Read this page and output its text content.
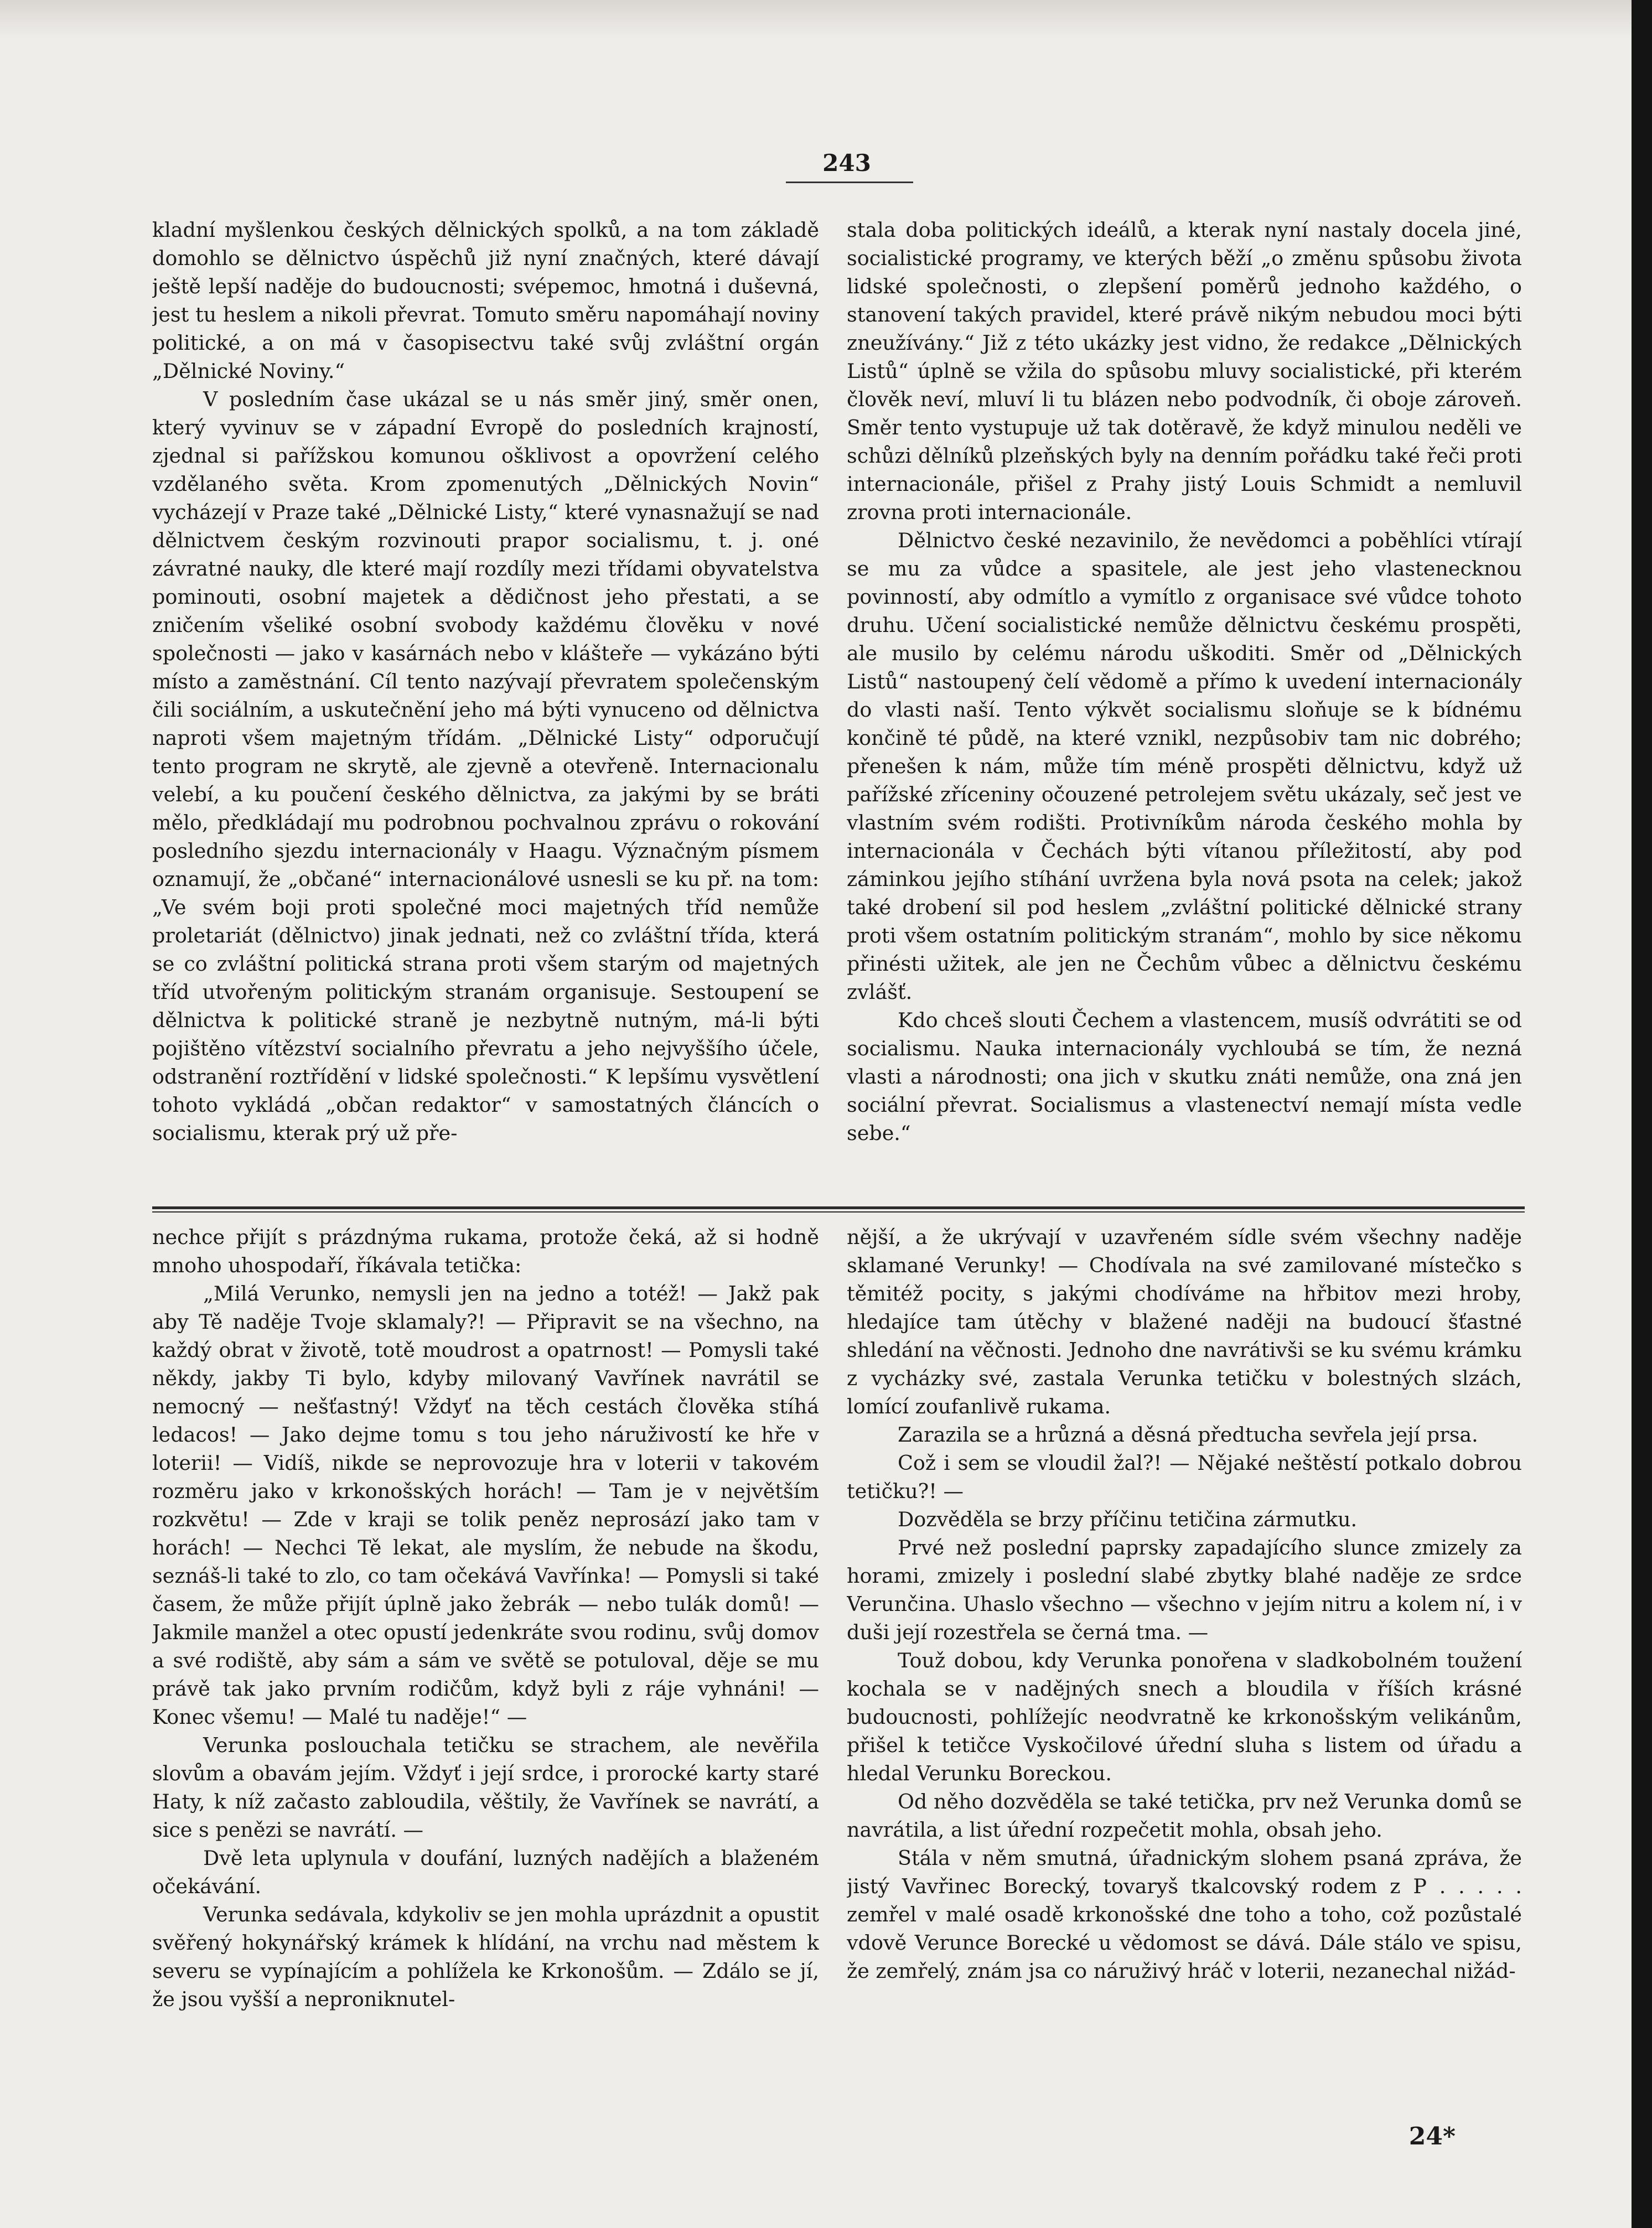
243

kladní myšlenkou českých dělnických spolků, a na tom základě domohlo se dělnictvo úspěchů již nyní značných, které dávají ještě lepší naděje do budoucnosti; svépemoc, hmotná i duševná, jest tu heslem a nikoli převrat. Tomuto směru napomáhají noviny politické, a on má v časopisectvu také svůj zvláštní orgán „Dělnické Noviny.“

V posledním čase ukázal se u nás směr jiný, směr onen, který vyvinuv se v západní Evropě do posledních krajností, zjednal si pařížskou komunou ošklivost a opovržení celého vzdělaného světa. Krom zpomenutých „Dělnických Novin“ vycházejí v Praze také „Dělnické Listy,“ které vynasnažují se nad dělnictvem českým rozvinouti prapor socialismu, t. j. oné závratné nauky, dle které mají rozdíly mezi třídami obyvatelstva pominouti, osobní majetek a dědičnost jeho přestati, a se zničením všeliké osobní svobody každému člověku v nové společnosti — jako v kasárnách nebo v klášteře — vykázáno býti místo a zaměstnání. Cíl tento nazývají převratem společenským čili sociálním, a uskutečnění jeho má býti vynuceno od dělnictva naproti všem majetným třídám. „Dělnické Listy“ odporučují tento program ne skrytě, ale zjevně a otevřeně. Internacionalu velebí, a ku poučení českého dělnictva, za jakými by se bráti mělo, předkládají mu podrobnou pochvalnou zprávu o rokování posledního sjezdu internacionály v Haagu. Význačným písmem oznamují, že „občané“ internacionálové usnesli se ku př. na tom: „Ve svém boji proti společné moci majetných tříd nemůže proletariát (dělnictvo) jinak jednati, než co zvláštní třída, která se co zvláštní politická strana proti všem starým od majetných tříd utvořeným politickým stranám organisuje. Sestoupení se dělnictva k politické straně je nezbytně nutným, má-li býti pojištěno vítězství socialního převratu a jeho nejvyššího účele, odstranění roztřídění v lidské společnosti.“ K lepšímu vysvětlení tohoto vykládá „občan redaktor“ v samostatných článcích o socialismu, kterak prý už pře-

stala doba politických ideálů, a kterak nyní nastaly docela jiné, socialistické programy, ve kterých běží „o změnu spůsobu života lidské společnosti, o zlepšení poměrů jednoho každého, o stanovení takých pravidel, které právě nikým nebudou moci býti zneužívány.“ Již z této ukázky jest vidno, že redakce „Dělnických Listů“ úplně se vžila do spůsobu mluvy socialistické, při kterém člověk neví, mluví li tu blázen nebo podvodník, či oboje zároveň. Směr tento vystupuje už tak dotěravě, že když minulou neděli ve schůzi dělníků plzeňských byly na denním pořádku také řeči proti internacionále, přišel z Prahy jistý Louis Schmidt a nemluvil zrovna proti internacionále.

Dělnictvo české nezavinilo, že nevědomci a poběhlíci vtírají se mu za vůdce a spasitele, ale jest jeho vlastenecknou povinností, aby odmítlo a vymítlo z organisace své vůdce tohoto druhu. Učení socialistické nemůže dělnictvu českému prospěti, ale musilo by celému národu uškoditi. Směr od „Dělnických Listů“ nastoupený čelí vědomě a přímo k uvedení internacionály do vlasti naší. Tento výkvět socialismu sloňuje se k bídnému končině té půdě, na které vznikl, nezpůsobiv tam nic dobrého; přenešen k nám, může tím méně prospěti dělnictvu, když už pařížské zříceniny očouzené petrolejem světu ukázaly, seč jest ve vlastním svém rodišti. Protivníkům národa českého mohla by internacionála v Čechách býti vítanou příležitostí, aby pod záminkou jejího stíhání uvržena byla nová psota na celek; jakož také drobení sil pod heslem „zvláštní politické dělnické strany proti všem ostatním politickým stranám“, mohlo by sice někomu přinésti užitek, ale jen ne Čechům vůbec a dělnictvu českému zvlášť.

Kdo chceš slouti Čechem a vlastencem, musíš odvrátiti se od socialismu. Nauka internacionály vychloubá se tím, že nezná vlasti a národnosti; ona jich v skutku znáti nemůže, ona zná jen sociální převrat. Socialismus a vlastenectví nemají místa vedle sebe.“

nechce přijít s prázdnýma rukama, protože čeká, až si hodně mnoho uhospodaří, říkávala tetička:

„Milá Verunko, nemysli jen na jedno a totéž! — Jakž pak aby Tě naděje Tvoje sklamaly?! — Připravit se na všechno, na každý obrat v životě, totě moudrost a opatrnost! — Pomysli také někdy, jakby Ti bylo, kdyby milovaný Vavřínek navrátil se nemocný — nešťastný! Vždyť na těch cestách člověka stíhá ledacos! — Jako dejme tomu s tou jeho náruživostí ke hře v loterii! — Vidíš, nikde se neprovozuje hra v loterii v takovém rozměru jako v krkonošských horách! — Tam je v největším rozkvětu! — Zde v kraji se tolik peněz neprosází jako tam v horách! — Nechci Tě lekat, ale myslím, že nebude na škodu, seznáš-li také to zlo, co tam očekává Vavřínka! — Pomysli si také časem, že může přijít úplně jako žebrák — nebo tulák domů! — Jakmile manžel a otec opustí jedenkráte svou rodinu, svůj domov a své rodiště, aby sám a sám ve světě se potuloval, děje se mu právě tak jako prvním rodičům, když byli z ráje vyhnáni! — Konec všemu! — Malé tu naděje!“ —

Verunka poslouchala tetičku se strachem, ale nevěřila slovům a obavám jejím. Vždyť i její srdce, i prorocké karty staré Haty, k níž začasto zabloudila, věštily, že Vavřínek se navrátí, a sice s penězi se navrátí. —

Dvě leta uplynula v doufání, luzných nadějích a blaženém očekávání.

Verunka sedávala, kdykoliv se jen mohla uprázdnit a opustit svěřený hokynářský krámek k hlídání, na vrchu nad městem k severu se vypínajícím a pohlížela ke Krkonošům. — Zdálo se jí, že jsou vyšší a neproniknutel-

nější, a že ukrývají v uzavřeném sídle svém všechny naděje sklamané Verunky! — Chodívala na své zamilované místečko s těmitéž pocity, s jakými chodíváme na hřbitov mezi hroby, hledajíce tam útěchy v blažené naději na budoucí šťastné shledání na věčnosti. Jednoho dne navrátivši se ku svému krámku z vycházky své, zastala Verunka tetičku v bolestných slzách, lomící zoufanlivě rukama.

Zarazila se a hrůzná a děsná předtucha sevřela její prsa.

Což i sem se vloudil žal?! — Nějaké neštěstí potkalo dobrou tetičku?! —

Dozvěděla se brzy příčinu tetičina zármutku.

Prvé než poslední paprsky zapadajícího slunce zmizely za horami, zmizely i poslední slabé zbytky blahé naděje ze srdce Verunčina. Uhaslo všechno — všechno v jejím nitru a kolem ní, i v duši její rozestřela se černá tma. —

Touž dobou, kdy Verunka ponořena v sladkobolném toužení kochala se v nadějných snech a bloudila v říších krásné budoucnosti, pohlížejíc neodvratně ke krkonošským velikánům, přišel k tetičce Vyskočilové úřední sluha s listem od úřadu a hledal Verunku Boreckou.

Od něho dozvěděla se také tetička, prv než Verunka domů se navrátila, a list úřední rozpečetit mohla, obsah jeho.

Stála v něm smutná, úřadnickým slohem psaná zpráva, že jistý Vavřinec Borecký, tovaryš tkalcovský rodem z P . . . . . zemřel v malé osadě krkonošské dne toho a toho, což pozůstalé vdově Verunce Borecké u vědomost se dává. Dále stálo ve spisu, že zemřelý, znám jsa co náruživý hráč v loterii, nezanechal nižád-

24*
